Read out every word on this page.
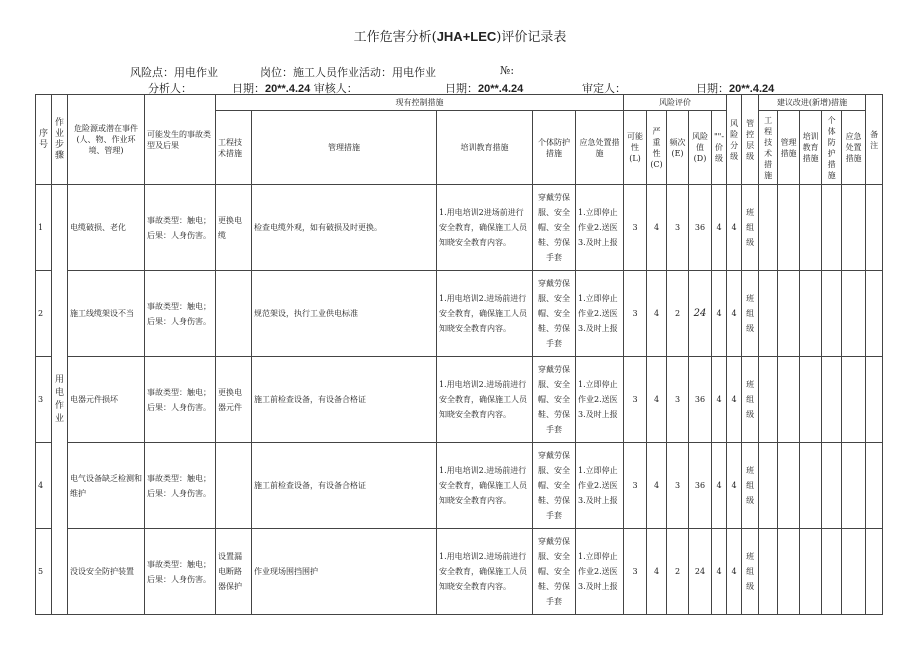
工作危害分析(JHA+LEC)评价记录表
风险点：用电作业	岗位：施工人员作业活动：用电作业	№:
分析人：	日期：20**.4.24 审核人：	日期：20**.4.24	审定人：	日期：20**.4.24
序号	作业步骤	危险源或潜在事件(人、物、作业环境、管理)	可能发生的事故类型及后果	现有控制措施					风险评价					风险分级	管控层级	建议改进(新增)措施					备注
				工程技术措施	管理措施	培训教育措施	个体防护措施	应急处置措施	可能性(L)	严重性(C)	频次(E)	风险值(D)	""-价级			工程技术措施	管理措施	培训教育措施	个体防护措施	应急处置措施	
1	用电作业	电缆破损、老化	事故类型：触电；后果：人身伤害。	更换电缆	检查电缆外观，如有破损及时更换。	1.用电培训2进场前进行安全教育，确保施工人员知晓安全教育内容。	穿戴劳保服、安全帽、安全鞋、劳保手套	1.立即停止作业2.送医3.及时上报	3	4	3	36	4	4	班组级						
2		施工线缆架设不当	事故类型：触电；后果：人身伤害。		规范架设，执行工业供电标准	1.用电培训2.进场前进行安全教育，确保施工人员知晓安全教育内容。	穿戴劳保服、安全帽、安全鞋、劳保手套	1.立即停止作业2.送医3.及时上报	3	4	2	24	4	4	班组级						
3		电器元件损坏	事故类型：触电；后果：人身伤害。	更换电器元件	施工前检查设备，有设备合格证	1.用电培训2.进场前进行安全教育，确保施工人员知晓安全教育内容。	穿戴劳保服、安全帽、安全鞋、劳保手套	1.立即停止作业2.送医3.及时上报	3	4	3	36	4	4	班组级						
4		电气设备缺乏检测和维护	事故类型：触电；后果：人身伤害。		施工前检查设备，有设备合格证	1.用电培训2.进场前进行安全教育，确保施工人员知晓安全教育内容。	穿戴劳保服、安全帽、安全鞋、劳保手套	1.立即停止作业2.送医3.及时上报	3	4	3	36	4	4	班组级						
5		没设安全防护装置	事故类型：触电；后果：人身伤害。	设置漏电断路器保护	作业现场围挡围护	1.用电培训2.进场前进行安全教育，确保施工人员知晓安全教育内容。	穿戴劳保服、安全帽、安全鞋、劳保手套	1.立即停止作业2.送医3.及时上报	3	4	2	24	4	4	班组级						
